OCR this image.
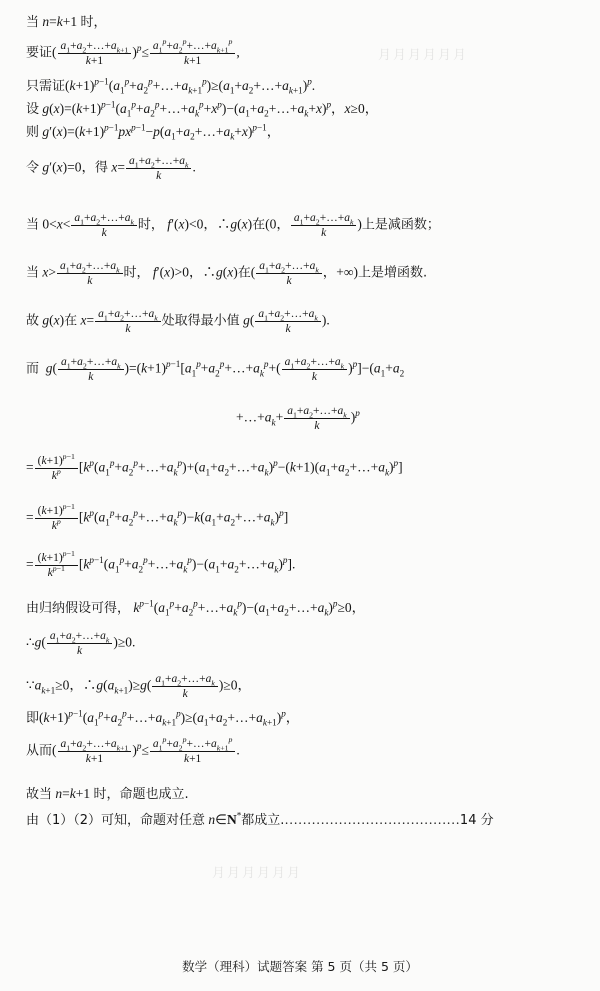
月月月月月月
月月月月月月
当 n=k+1 时，
要证( $\frac{a_1+a_2+\dots+a_{k+1}}{k+1} )^p\le \frac{a_1^p+a_2^p+\dots+a_{k+1}^p}{k+1}$ ,
只需证$(k+1)^{p-1}(a_1^p+a_2^p+\dots+a_{k+1}^p)\ge(a_1+a_2+\dots+a_{k+1})^p$.
设 $g(x)=(k+1)^{p-1}(a_1^p+a_2^p+\dots+a_k^p+x^p)-(a_1+a_2+\dots+a_k+x)^p$，x≥0，
则 $g'(x)=(k+1)^{p-1}px^{p-1}-p(a_1+a_2+\dots+a_k+x)^{p-1}$，
令 g′(x)=0，得 $x= \frac{a_1+a_2+\dots+a_k}{k}$ .
当 $0<x< \frac{a_1+a_2+\dots+a_k}{k}$ 时， f′(x)<0，∴g(x)在(0， $\frac{a_1+a_2+\dots+a_k}{k}$ )上是减函数；
当 $x> \frac{a_1+a_2+\dots+a_k}{k}$ 时， f′(x)>0，∴g(x)在( $\frac{a_1+a_2+\dots+a_k}{k}$ ，+∞)上是增函数.
故 g(x)在 $x= \frac{a_1+a_2+\dots+a_k}{k}$ 处取得最小值 $g( \frac{a_1+a_2+\dots+a_k}{k}$ ).
而 $g( \frac{a_1+a_2+\dots+a_k}{k}$ )$=(k+1)^{p-1}[a_1^p+a_2^p+\dots+a_k^p+( \frac{a_1+a_2+\dots+a_k}{k} )^p]-(a_1+a_2$
$+\dots+a_k+ \frac{a_1+a_2+\dots+a_k}{k} )^p$
= $\frac{(k+1)^{p-1}}{k^p}$ $[k^p(a_1^p+a_2^p+\dots+a_k^p)+(a_1+a_2+\dots+a_k)^p-(k+1)(a_1+a_2+\dots+a_k)^p]$
= $\frac{(k+1)^{p-1}}{k^p}$ $[k^p(a_1^p+a_2^p+\dots+a_k^p)-k(a_1+a_2+\dots+a_k)^p]$
= $\frac{(k+1)^{p-1}}{k^{p-1}}$ $[k^{p-1}(a_1^p+a_2^p+\dots+a_k^p)-(a_1+a_2+\dots+a_k)^p]$.
由归纳假设可得， $k^{p-1}(a_1^p+a_2^p+\dots+a_k^p)-(a_1+a_2+\dots+a_k)^p\ge 0$，
∴g( $\frac{a_1+a_2+\dots+a_k}{k} )\ge 0$.
$\because a_{k+1}\ge 0$，$\therefore g(a_{k+1})\ge g( \frac{a_1+a_2+\dots+a_k}{k} )\ge 0$，
即$(k+1)^{p-1}(a_1^p+a_2^p+\dots+a_{k+1}^p)\ge(a_1+a_2+\dots+a_{k+1})^p$，
从而( $\frac{a_1+a_2+\dots+a_{k+1}}{k+1} )^p\le \frac{a_1^p+a_2^p+\dots+a_{k+1}^p}{k+1}$ .
故当 n=k+1 时，命题也成立.
由（1）（2）可知，命题对任意 n∈N*都成立.…………………………………14 分
数学（理科）试题答案 第 5 页（共 5 页）
